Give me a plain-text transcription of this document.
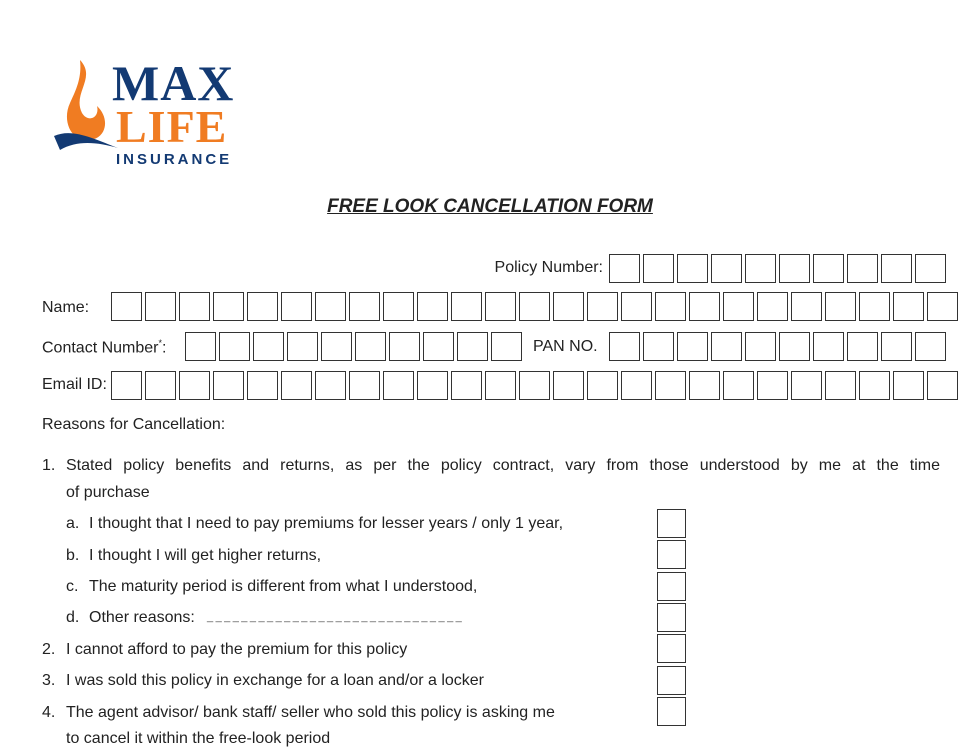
MAX
LIFE
INSURANCE
FREE LOOK CANCELLATION FORM
Policy Number:
Name:
Contact Number*:	PAN NO.
Email ID:
Reasons for Cancellation:
1. Stated policy benefits and returns, as per the policy contract, vary from those understood by me at the time
of purchase
a. I thought that I need to pay premiums for lesser years / only 1 year,
b. I thought I will get higher returns,
c. The maturity period is different from what I understood,
d. Other reasons: _ _ _ _ _ _ _ _ _ _ _ _ _ _ _ _ _ _ _ _ _ _ _ _ _ _ _ _ _ _
2. I cannot afford to pay the premium for this policy
3. I was sold this policy in exchange for a loan and/or a locker
4. The agent advisor/ bank staff/ seller who sold this policy is asking me
to cancel it within the free-look period
